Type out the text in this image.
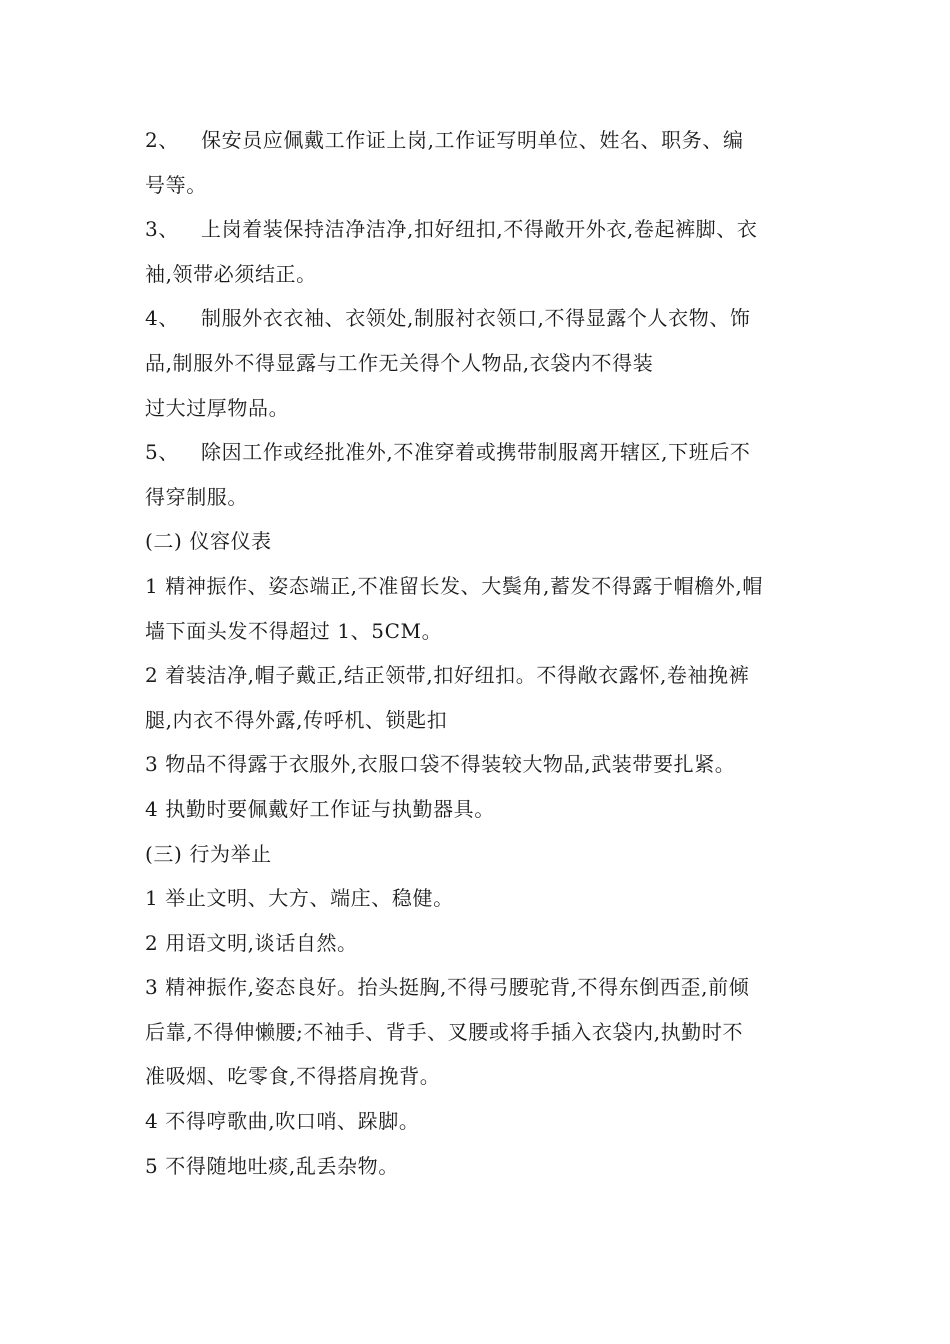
2、 保安员应佩戴工作证上岗,工作证写明单位、姓名、职务、编
号等。
3、 上岗着装保持洁净洁净,扣好纽扣,不得敞开外衣,卷起裤脚、衣
袖,领带必须结正。
4、 制服外衣衣袖、衣领处,制服衬衣领口,不得显露个人衣物、饰
品,制服外不得显露与工作无关得个人物品,衣袋内不得装
过大过厚物品。
5、 除因工作或经批准外,不准穿着或携带制服离开辖区,下班后不
得穿制服。
(二) 仪容仪表
1 精神振作、姿态端正,不准留长发、大鬓角,蓄发不得露于帽檐外,帽
墙下面头发不得超过 1、5CM。
2 着装洁净,帽子戴正,结正领带,扣好纽扣。不得敞衣露怀,卷袖挽裤
腿,内衣不得外露,传呼机、锁匙扣
3 物品不得露于衣服外,衣服口袋不得装较大物品,武装带要扎紧。
4 执勤时要佩戴好工作证与执勤器具。
(三) 行为举止
1 举止文明、大方、端庄、稳健。
2 用语文明,谈话自然。
3 精神振作,姿态良好。抬头挺胸,不得弓腰驼背,不得东倒西歪,前倾
后靠,不得伸懒腰;不袖手、背手、叉腰或将手插入衣袋内,执勤时不
准吸烟、吃零食,不得搭肩挽背。
4 不得哼歌曲,吹口哨、跺脚。
5 不得随地吐痰,乱丢杂物。
